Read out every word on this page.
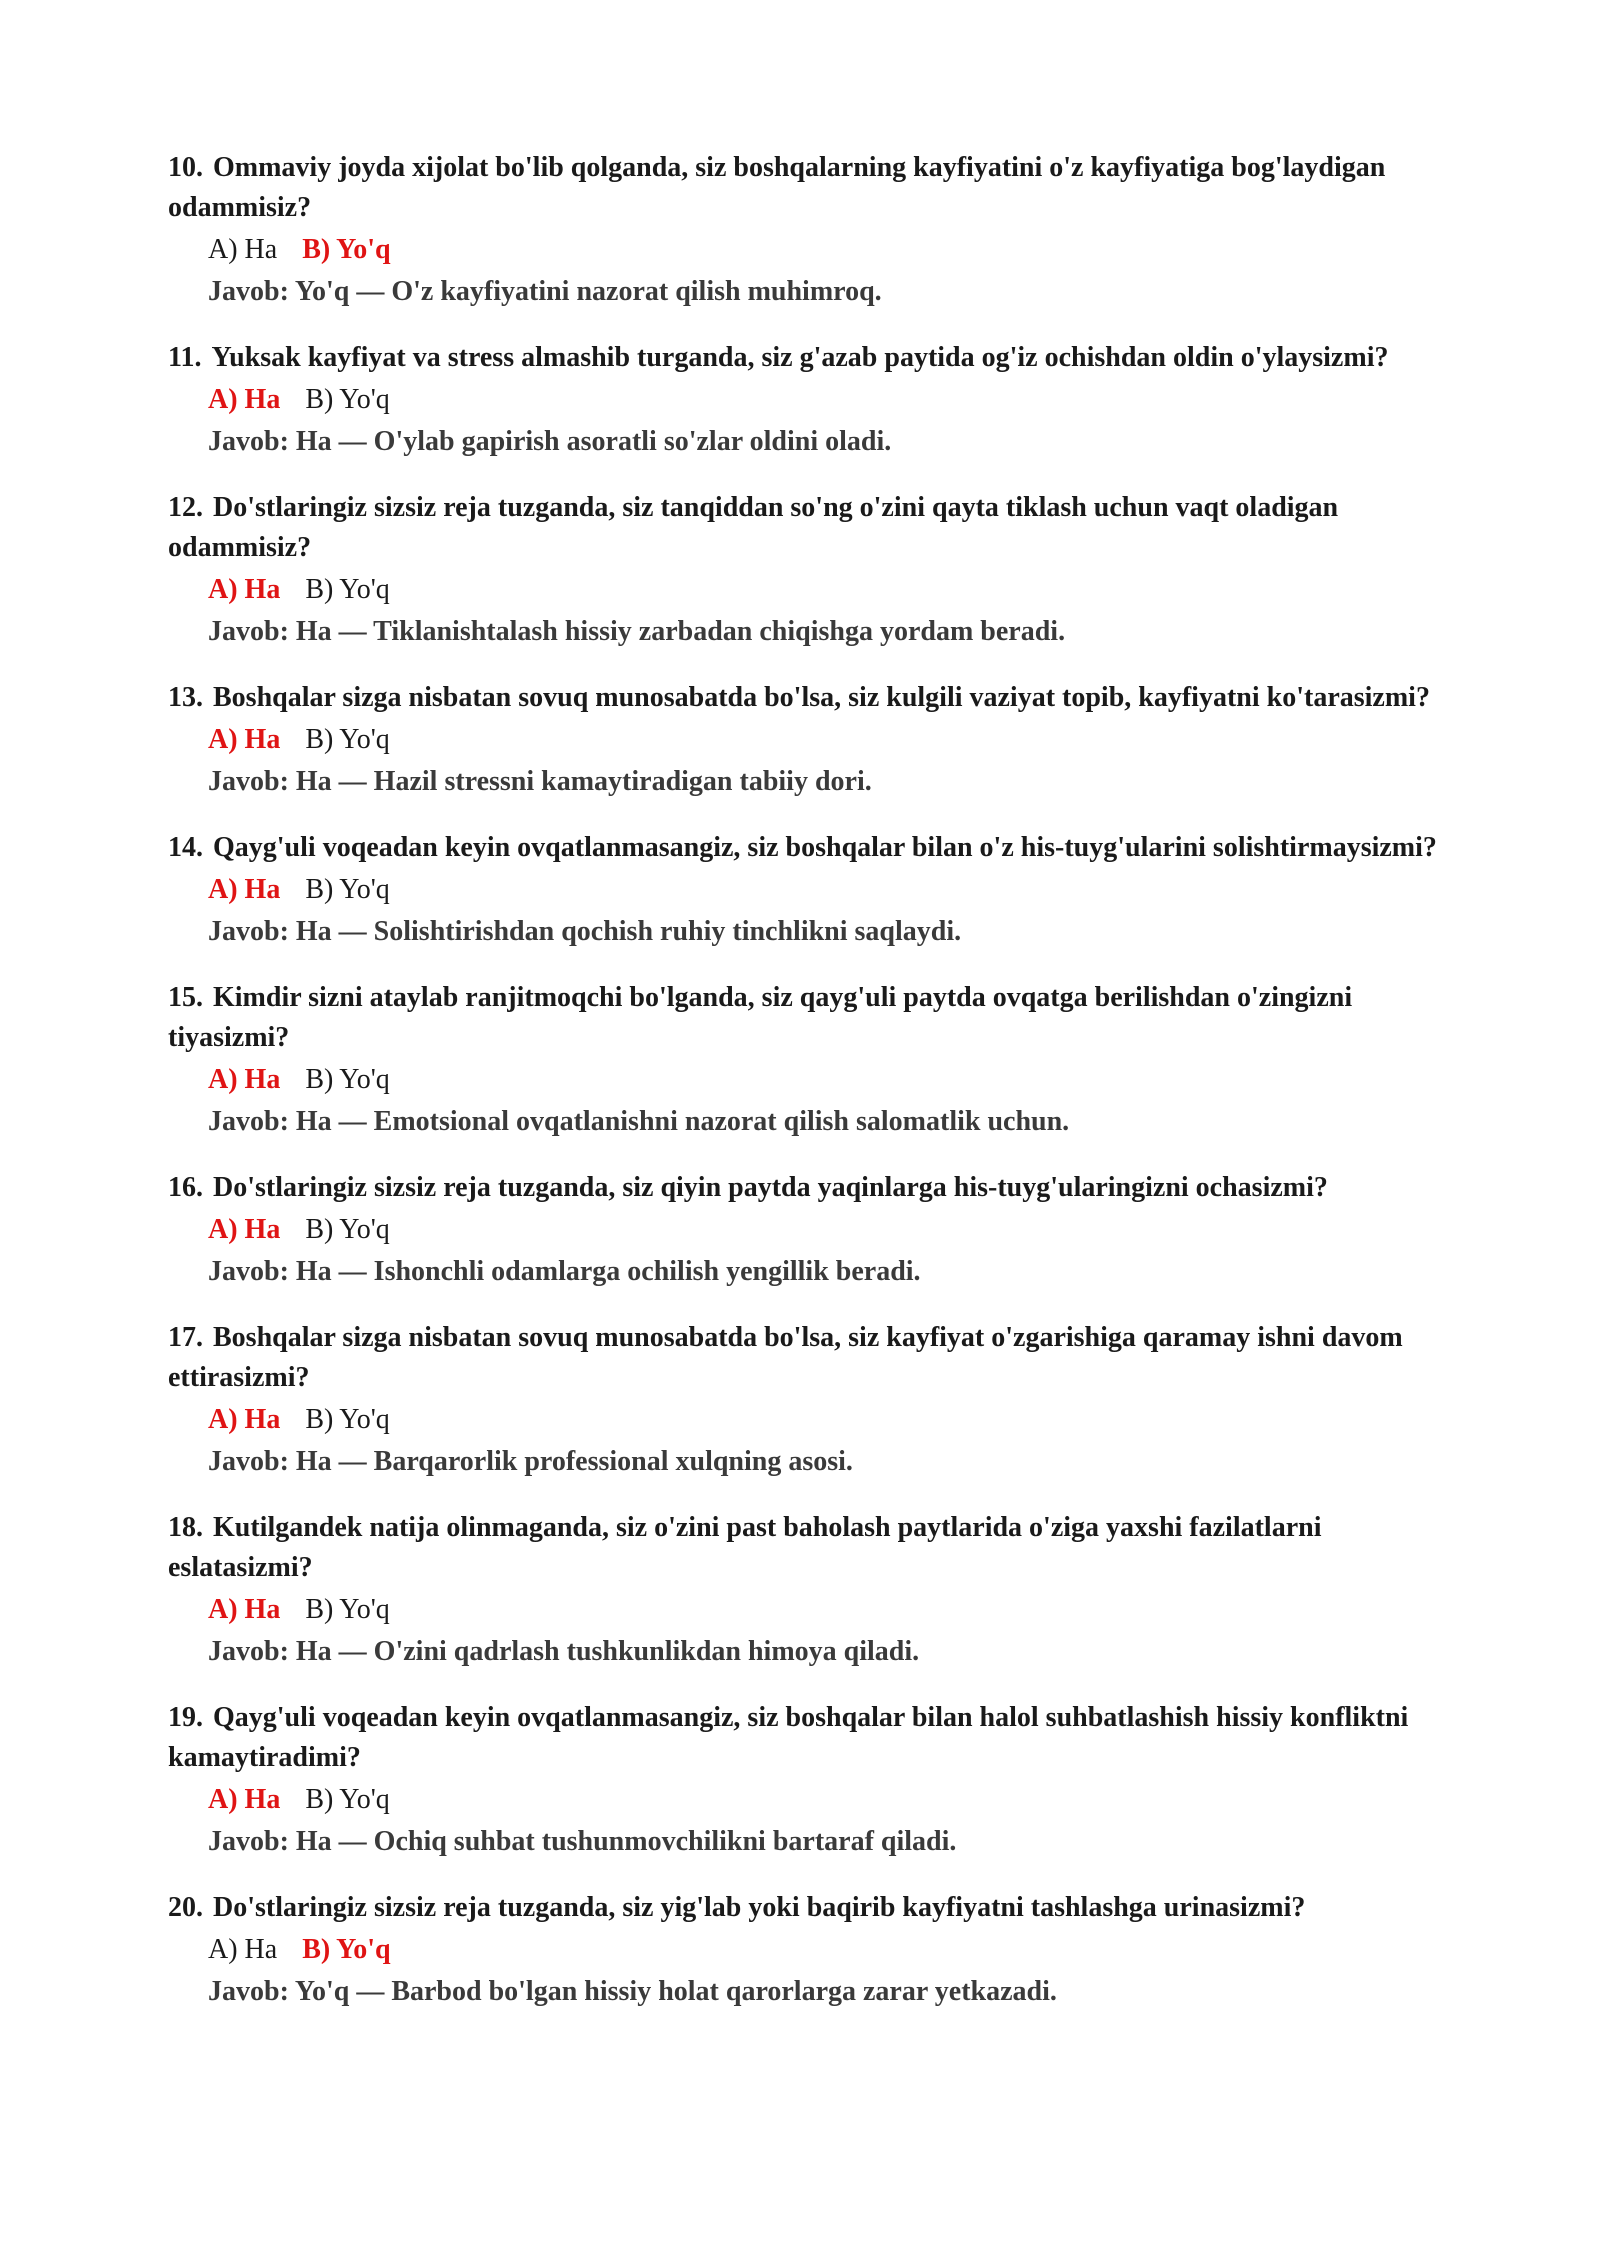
10. Ommaviy joyda xijolat bo'lib qolganda, siz boshqalarning kayfiyatini o'z kayfiyatiga bog'laydigan odammisiz?

A) Ha B) Yo'q
Javob: Yo'q — O'z kayfiyatini nazorat qilish muhimroq.

11. Yuksak kayfiyat va stress almashib turganda, siz g'azab paytida og'iz ochishdan oldin o'ylaysizmi?

A) Ha B) Yo'q
Javob: Ha — O'ylab gapirish asoratli so'zlar oldini oladi.

12. Do'stlaringiz sizsiz reja tuzganda, siz tanqiddan so'ng o'zini qayta tiklash uchun vaqt oladigan odammisiz?

A) Ha B) Yo'q
Javob: Ha — Tiklanishtalash hissiy zarbadan chiqishga yordam beradi.

13. Boshqalar sizga nisbatan sovuq munosabatda bo'lsa, siz kulgili vaziyat topib, kayfiyatni ko'tarasizmi?

A) Ha B) Yo'q
Javob: Ha — Hazil stressni kamaytiradigan tabiiy dori.

14. Qayg'uli voqeadan keyin ovqatlanmasangiz, siz boshqalar bilan o'z his-tuyg'ularini solishtirmaysizmi?

A) Ha B) Yo'q
Javob: Ha — Solishtirishdan qochish ruhiy tinchlikni saqlaydi.

15. Kimdir sizni ataylab ranjitmoqchi bo'lganda, siz qayg'uli paytda ovqatga berilishdan o'zingizni tiyasizmi?

A) Ha B) Yo'q
Javob: Ha — Emotsional ovqatlanishni nazorat qilish salomatlik uchun.

16. Do'stlaringiz sizsiz reja tuzganda, siz qiyin paytda yaqinlarga his-tuyg'ularingizni ochasizmi?

A) Ha B) Yo'q
Javob: Ha — Ishonchli odamlarga ochilish yengillik beradi.

17. Boshqalar sizga nisbatan sovuq munosabatda bo'lsa, siz kayfiyat o'zgarishiga qaramay ishni davom ettirasizmi?

A) Ha B) Yo'q
Javob: Ha — Barqarorlik professional xulqning asosi.

18. Kutilgandek natija olinmaganda, siz o'zini past baholash paytlarida o'ziga yaxshi fazilatlarni eslatasizmi?

A) Ha B) Yo'q
Javob: Ha — O'zini qadrlash tushkunlikdan himoya qiladi.

19. Qayg'uli voqeadan keyin ovqatlanmasangiz, siz boshqalar bilan halol suhbatlashish hissiy konfliktni kamaytiradimi?

A) Ha B) Yo'q
Javob: Ha — Ochiq suhbat tushunmovchilikni bartaraf qiladi.

20. Do'stlaringiz sizsiz reja tuzganda, siz yig'lab yoki baqirib kayfiyatni tashlashga urinasizmi?

A) Ha B) Yo'q
Javob: Yo'q — Barbod bo'lgan hissiy holat qarorlarga zarar yetkazadi.
